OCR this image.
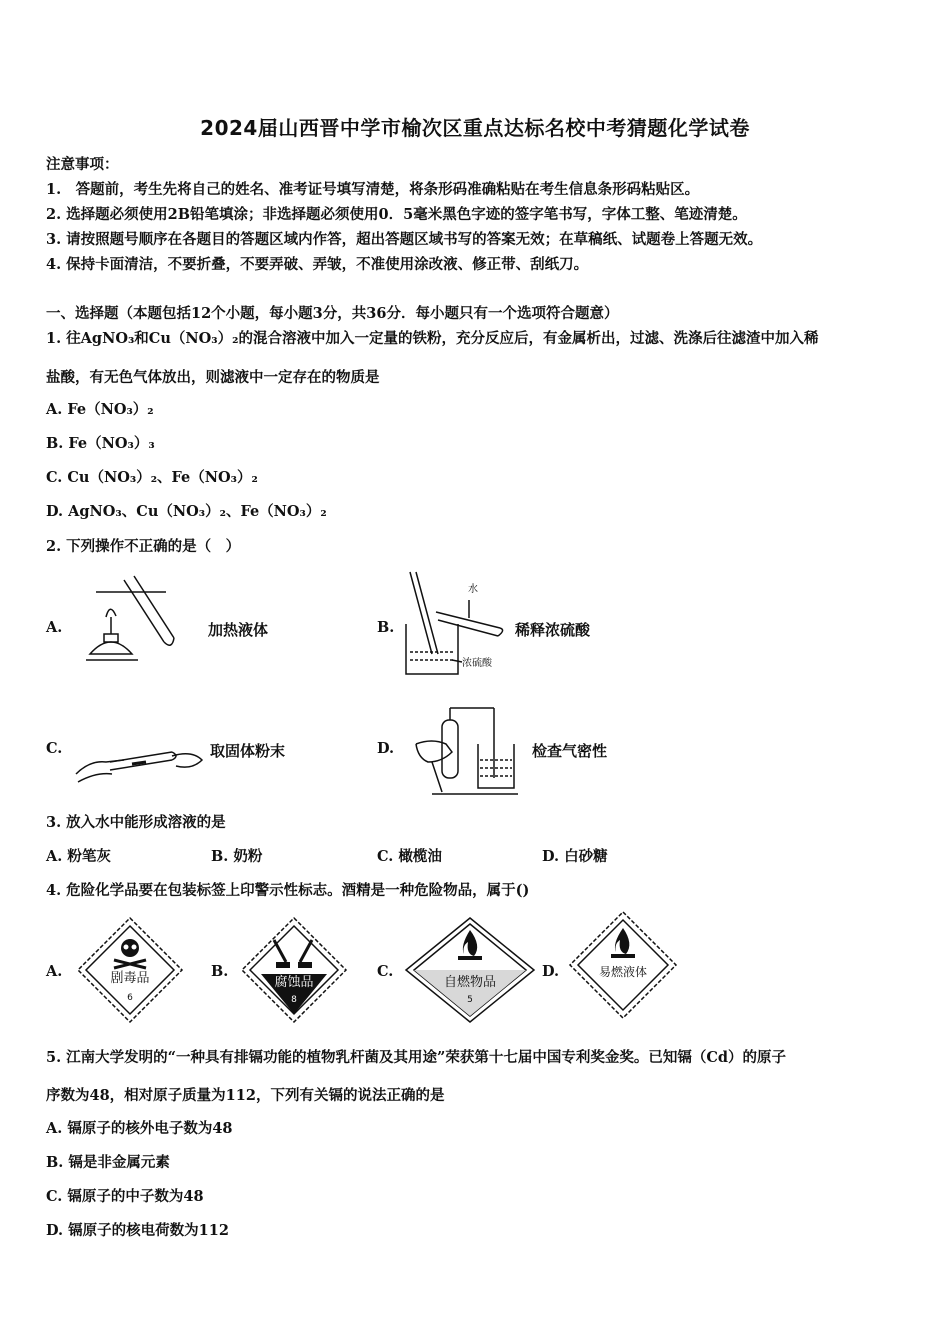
2024届山西晋中学市榆次区重点达标名校中考猜题化学试卷
注意事项：
1.　答题前，考生先将自己的姓名、准考证号填写清楚，将条形码准确粘贴在考生信息条形码粘贴区。
2. 选择题必须使用2B铅笔填涂；非选择题必须使用0．5毫米黑色字迹的签字笔书写，字体工整、笔迹清楚。
3. 请按照题号顺序在各题目的答题区域内作答，超出答题区域书写的答案无效；在草稿纸、试题卷上答题无效。
4. 保持卡面清洁，不要折叠，不要弄破、弄皱，不准使用涂改液、修正带、刮纸刀。
一、选择题（本题包括12个小题，每小题3分，共36分．每小题只有一个选项符合题意）
1. 往AgNO₃和Cu（NO₃）₂的混合溶液中加入一定量的铁粉，充分反应后，有金属析出，过滤、洗涤后往滤渣中加入稀
盐酸，有无色气体放出，则滤液中一定存在的物质是
A. Fe（NO₃）₂
B. Fe（NO₃）₃
C. Cu（NO₃）₂、Fe（NO₃）₂
D. AgNO₃、Cu（NO₃）₂、Fe（NO₃）₂
2. 下列操作不正确的是（　）
A.	加热液体	B.
水
浓硫酸
稀释浓硫酸
C.	取固体粉末	D.	检查气密性
3. 放入水中能形成溶液的是
A. 粉笔灰	B. 奶粉	C. 橄榄油	D. 白砂糖
4. 危险化学品要在包装标签上印警示性标志。酒精是一种危险物品，属于()
A.	剧毒品
6
B.
腐蚀品
8
C.
自燃物品
5
D.	易燃液体
5. 江南大学发明的“一种具有排镉功能的植物乳杆菌及其用途”荣获第十七届中国专利奖金奖。已知镉（Cd）的原子
序数为48，相对原子质量为112，下列有关镉的说法正确的是
A. 镉原子的核外电子数为48
B. 镉是非金属元素
C. 镉原子的中子数为48
D. 镉原子的核电荷数为112
